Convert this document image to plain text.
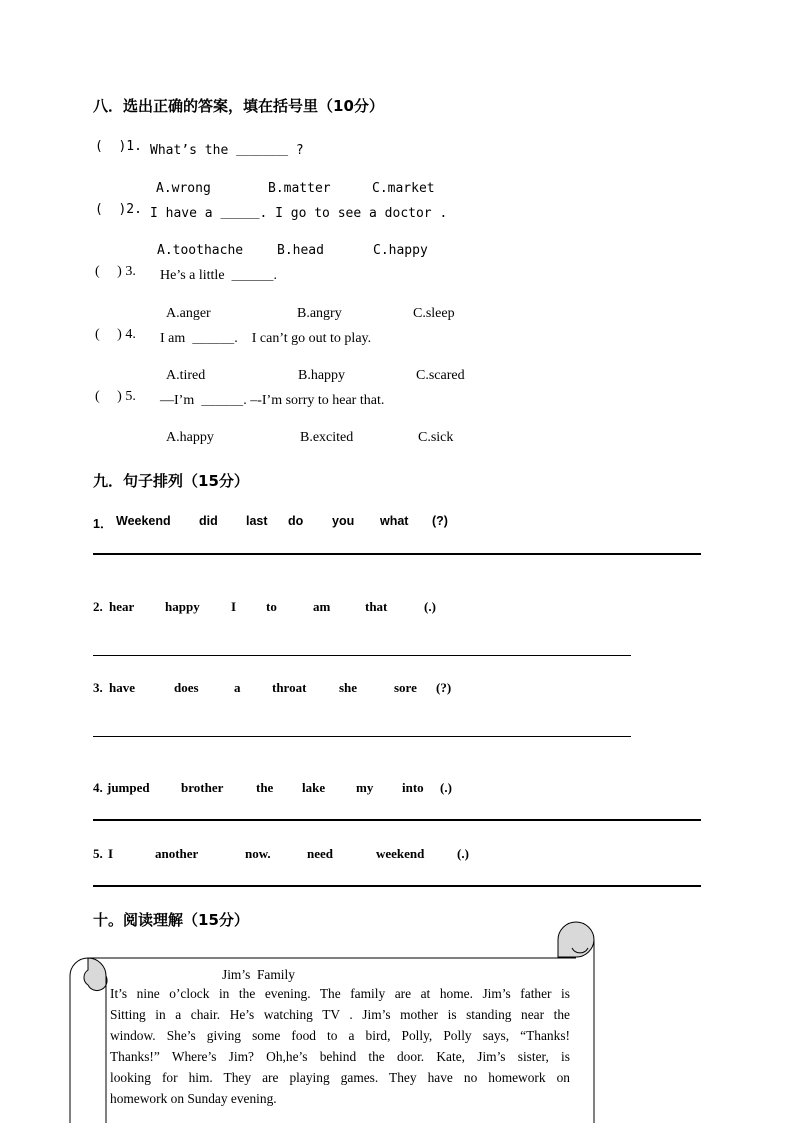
八．选出正确的答案，填在括号里（10分）
(  )1. What’s the ＿＿＿＿ ?
A.wrong	B.matter	C.market
(  )2. I have a ＿＿＿. I go to see a doctor .
A.toothache	B.head	C.happy
(     ) 3. He’s a little  ＿＿＿.
A.anger	B.angry	C.sleep
(     ) 4. I am  ＿＿＿.    I can’t go out to play.
A.tired	B.happy	C.scared
(     ) 5. —I’m  ＿＿＿. –-I’m sorry to hear that.
A.happy	B.excited	C.sick
九．句子排列（15分）
1． Weekend did last do you what (?)
2. hear happy I to	am	that	(.)
3. have	does	a throat	she	sore (?)
4. jumped brother	the lake my into (.)
5. I	another	now.	need	weekend	(.)
十。阅读理解（15分）
Jim’s  Family
It’s nine o’clock in the evening. The family are at home. Jim’s father is
Sitting in a chair. He’s watching TV . Jim’s mother is standing near the
window. She’s giving some food to a bird, Polly, Polly says, “Thanks!
Thanks!” Where’s Jim? Oh,he’s behind the door. Kate, Jim’s sister, is
looking for him. They are playing games. They have no homework on
homework on Sunday evening.
